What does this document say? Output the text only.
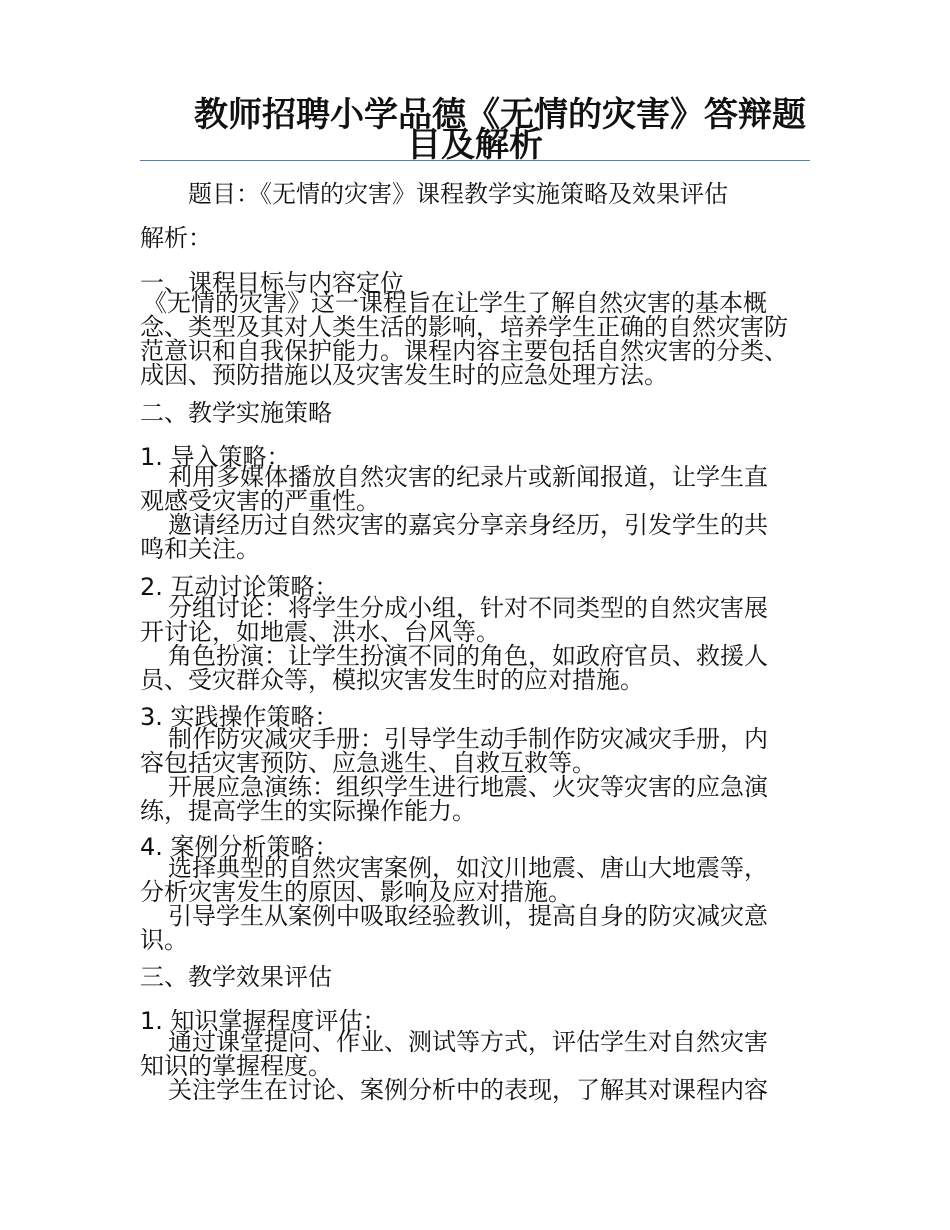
教师招聘小学品德《无情的灾害》答辩题
目及解析
题目：《无情的灾害》课程教学实施策略及效果评估
解析：
一、课程目标与内容定位
《无情的灾害》这一课程旨在让学生了解自然灾害的基本概
念、类型及其对人类生活的影响，培养学生正确的自然灾害防
范意识和自我保护能力。课程内容主要包括自然灾害的分类、
成因、预防措施以及灾害发生时的应急处理方法。
二、教学实施策略
1. 导入策略：
利用多媒体播放自然灾害的纪录片或新闻报道，让学生直
观感受灾害的严重性。
邀请经历过自然灾害的嘉宾分享亲身经历，引发学生的共
鸣和关注。
2. 互动讨论策略：
分组讨论：将学生分成小组，针对不同类型的自然灾害展
开讨论，如地震、洪水、台风等。
角色扮演：让学生扮演不同的角色，如政府官员、救援人
员、受灾群众等，模拟灾害发生时的应对措施。
3. 实践操作策略：
制作防灾减灾手册：引导学生动手制作防灾减灾手册，内
容包括灾害预防、应急逃生、自救互救等。
开展应急演练：组织学生进行地震、火灾等灾害的应急演
练，提高学生的实际操作能力。
4. 案例分析策略：
选择典型的自然灾害案例，如汶川地震、唐山大地震等，
分析灾害发生的原因、影响及应对措施。
引导学生从案例中吸取经验教训，提高自身的防灾减灾意
识。
三、教学效果评估
1. 知识掌握程度评估：
通过课堂提问、作业、测试等方式，评估学生对自然灾害
知识的掌握程度。
关注学生在讨论、案例分析中的表现，了解其对课程内容
